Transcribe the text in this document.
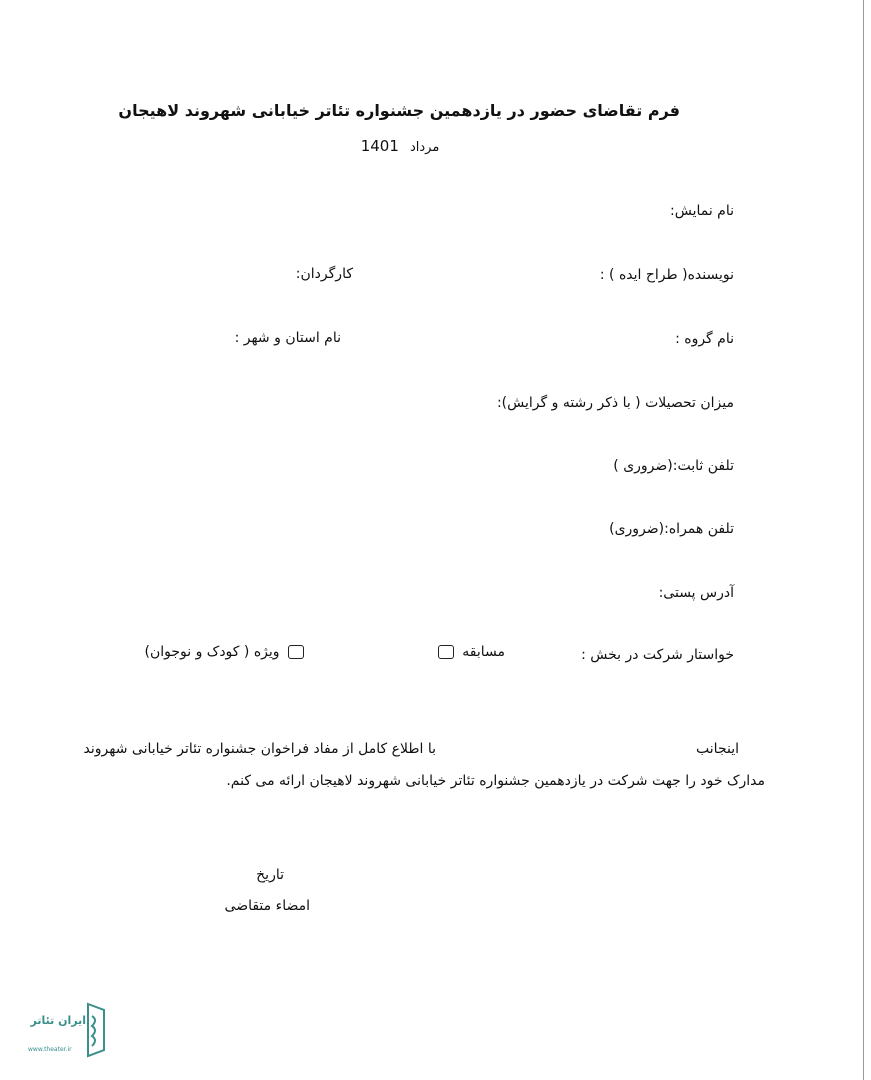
فرم تقاضای حضور در یازدهمین جشنواره تئاتر خیابانی شهروند لاهیجان
مرداد 1401
نام نمایش:
نویسنده( طراح ایده ) :
کارگردان:
نام گروه :
نام استان و شهر :
میزان تحصیلات ( با ذکر رشته و گرایش):
تلفن ثابت:(ضروری )
تلفن همراه:(ضروری)
آدرس پستی:
خواستار شرکت در بخش :
مسابقه
ویژه ( کودک و نوجوان)
اینجانب
با اطلاع کامل از مفاد فراخوان جشنواره تئاتر خیابانی شهروند
مدارک خود را جهت شرکت در یازدهمین جشنواره تئاتر خیابانی شهروند لاهیجان ارائه می کنم.
تاریخ
امضاء متقاضی
ایران تئاتر
www.theater.ir
